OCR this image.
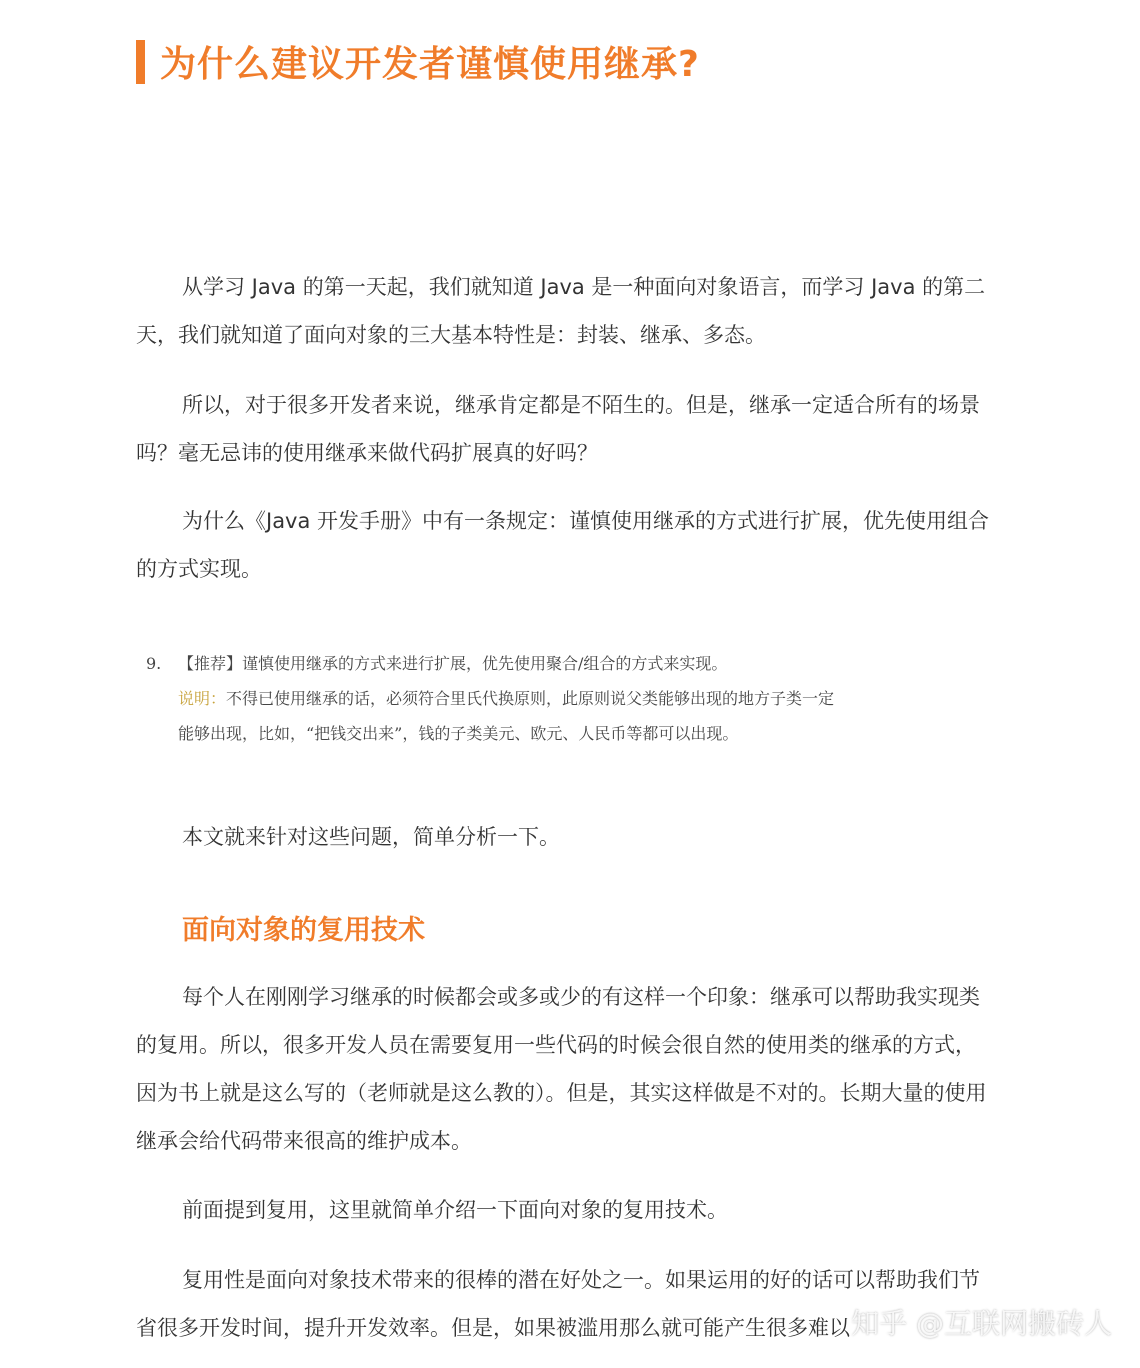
为什么建议开发者谨慎使用继承?
从学习 Java 的第一天起，我们就知道 Java 是一种面向对象语言，而学习 Java 的第二天，我们就知道了面向对象的三大基本特性是：封装、继承、多态。
所以，对于很多开发者来说，继承肯定都是不陌生的。但是，继承一定适合所有的场景吗？毫无忌讳的使用继承来做代码扩展真的好吗？
为什么《Java 开发手册》中有一条规定：谨慎使用继承的方式进行扩展，优先使用组合的方式实现。
9. 【推荐】谨慎使用继承的方式来进行扩展，优先使用聚合/组合的方式来实现。
说明：不得已使用继承的话，必须符合里氏代换原则，此原则说父类能够出现的地方子类一定
能够出现，比如，“把钱交出来”，钱的子类美元、欧元、人民币等都可以出现。
本文就来针对这些问题，简单分析一下。
面向对象的复用技术
每个人在刚刚学习继承的时候都会或多或少的有这样一个印象：继承可以帮助我实现类的复用。所以，很多开发人员在需要复用一些代码的时候会很自然的使用类的继承的方式，因为书上就是这么写的（老师就是这么教的）。但是，其实这样做是不对的。长期大量的使用继承会给代码带来很高的维护成本。
前面提到复用，这里就简单介绍一下面向对象的复用技术。
复用性是面向对象技术带来的很棒的潜在好处之一。如果运用的好的话可以帮助我们节省很多开发时间，提升开发效率。但是，如果被滥用那么就可能产生很多难以 知乎 @互联网搬砖人
